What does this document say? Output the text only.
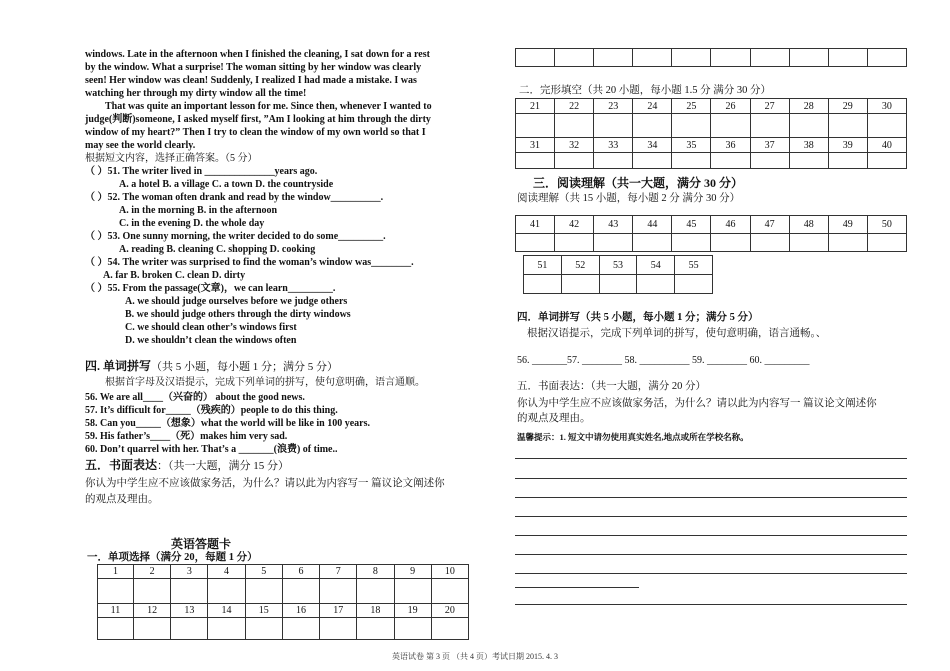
windows. Late in the afternoon when I finished the cleaning, I sat down for a rest
by the window. What a surprise! The woman sitting by her window was clearly
seen! Her window was clean! Suddenly, I realized I had made a mistake. I was
watching her through my dirty window all the time!
That was quite an important lesson for me. Since then, whenever I wanted to
judge(判断)someone, I asked myself first, ”Am I looking at him through the dirty
window of my heart?” Then I try to clean the window of my own world so that I
may see the world clearly.
根据短文内容，选择正确答案。（5 分）
（ ）51. The writer lived in ______________years ago.
A. a hotel B. a village C. a town D. the countryside
（ ）52. The woman often drank and read by the window__________.
A. in the morning B. in the afternoon
C. in the evening D. the whole day
（ ）53. One sunny morning, the writer decided to do some_________.
A. reading B. cleaning C. shopping D. cooking
（ ）54. The writer was surprised to find the woman’s window was________.
A. far B. broken C. clean D. dirty
（ ）55. From the passage(文章)，we can learn_________.
A. we should judge ourselves before we judge others
B. we should judge others through the dirty windows
C. we should clean other’s windows first
D. we shouldn’t clean the windows often
四. 单词拼写（共 5 小题，每小题 1 分；满分 5 分）
根据首字母及汉语提示，完成下列单词的拼写，使句意明确，语言通顺。
56. We are all____（兴奋的） about the good news.
57. It’s difficult for_____（残疾的）people to do this thing.
58. Can you_____（想象）what the world will be like in 100 years.
59. His father’s____（死）makes him very sad.
60. Don’t quarrel with her. That’s a _______(浪费) of time..
五．书面表达：（共一大题，满分 15 分）
你认为中学生应不应该做家务活，为什么？请以此为内容写一 篇议论文阐述你
的观点及理由。
英语答题卡
一．单项选择（满分 20，每题 1 分）
1	2	3	4	5	6	7	8	9	10

11	12	13	14	15	16	17	18	19	20

二．完形填空（共 20 小题，每小题 1.5 分 满分 30 分）
21	22	23	24	25	26	27	28	29	30

31	32	33	34	35	36	37	38	39	40

三．阅读理解（共一大题，满分 30 分）
阅读理解（共 15 小题，每小题 2 分 满分 30 分）
41	42	43	44	45	46	47	48	49	50

51	52	53	54	55

四．单词拼写（共 5 小题，每小题 1 分；满分 5 分）
根据汉语提示，完成下列单词的拼写，使句意明确，语言通畅。、
56. _______57. ________ 58. __________ 59. ________ 60. _________
五．书面表达：（共一大题，满分 20 分）
你认为中学生应不应该做家务活，为什么？请以此为内容写一 篇议论文阐述你
的观点及理由。
温馨提示：1. 短文中请勿使用真实姓名,地点或所在学校名称。
英语试卷 第 3 页 （共 4 页）考试日期 2015. 4. 3
